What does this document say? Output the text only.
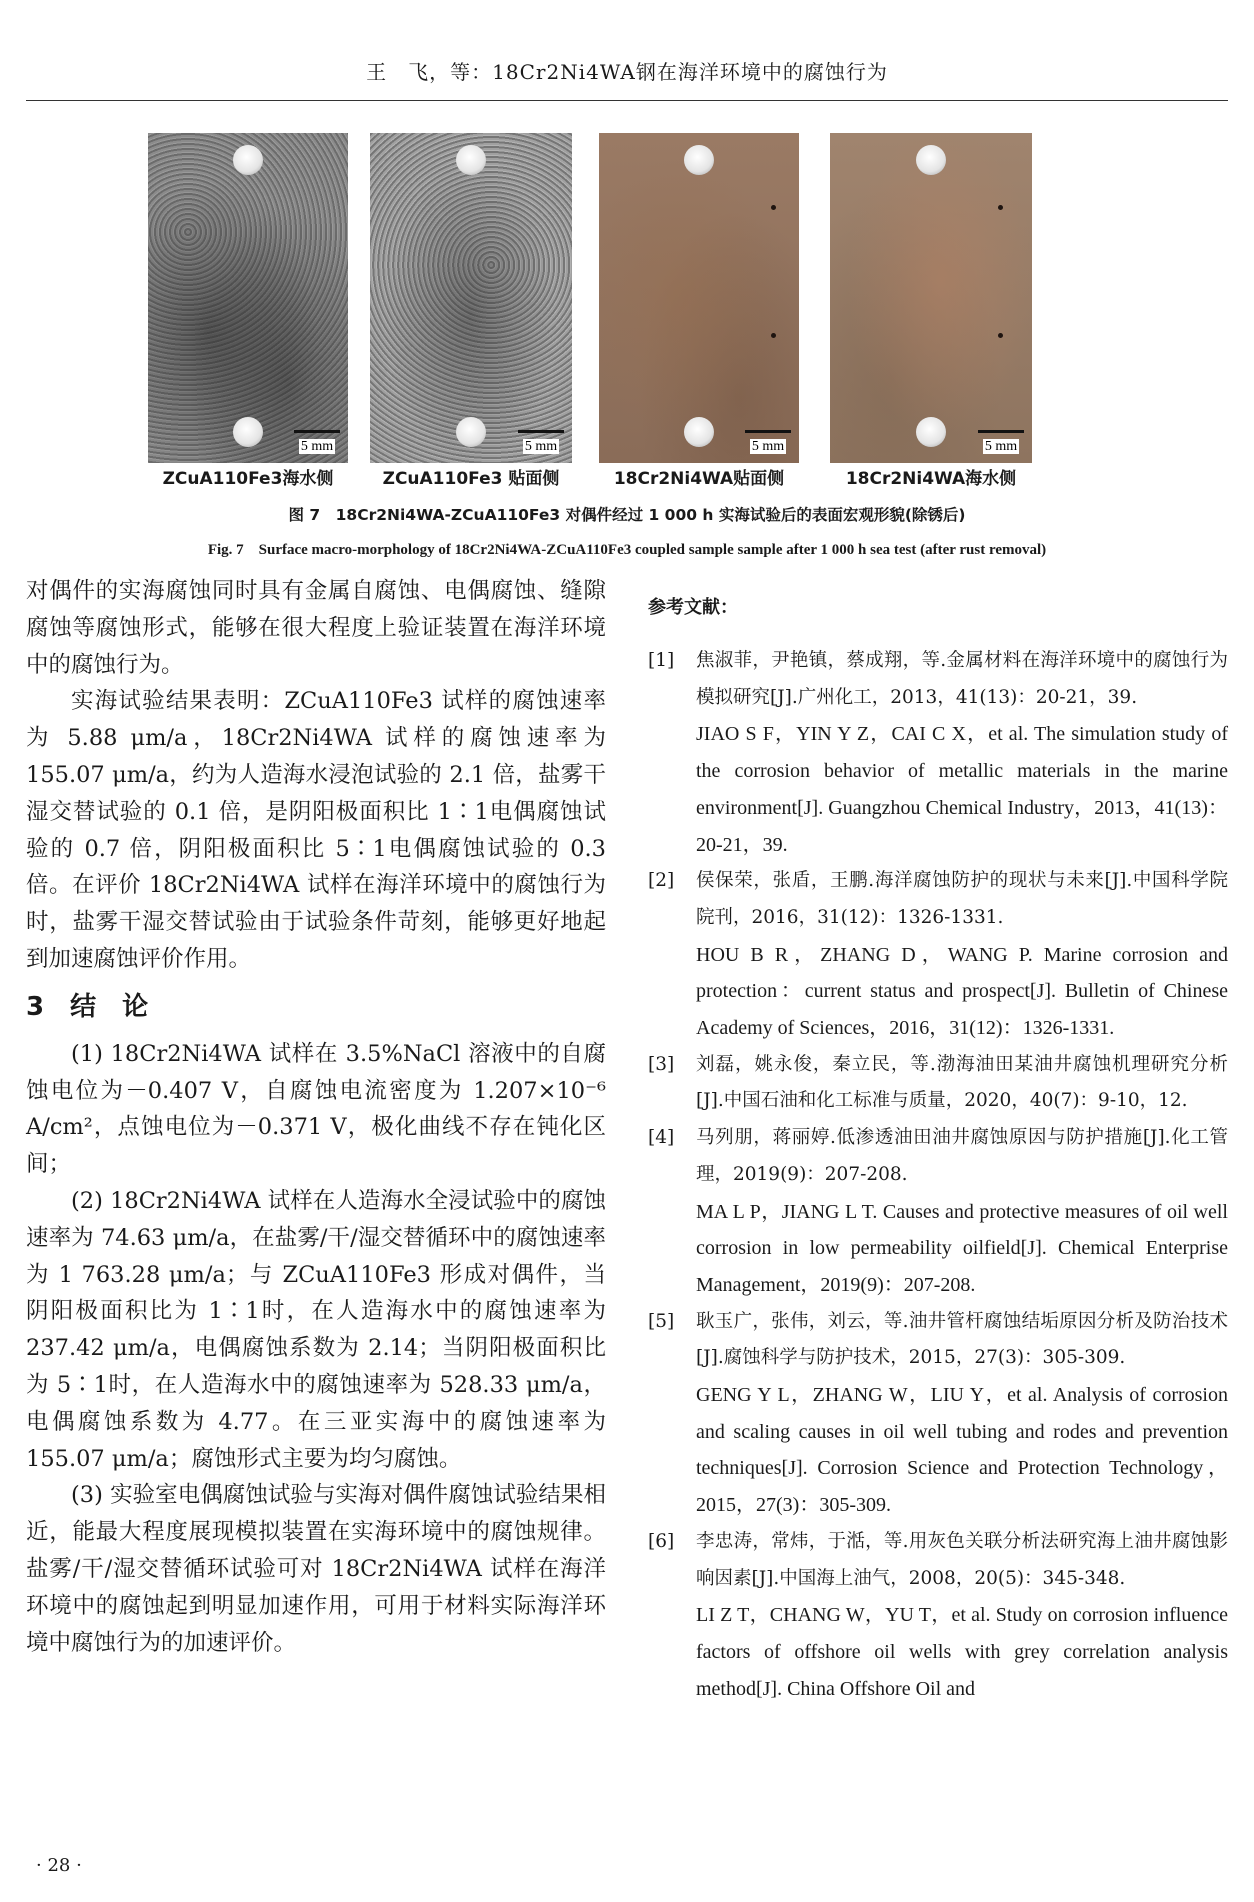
王　飞，等：18Cr2Ni4WA钢在海洋环境中的腐蚀行为
5 mm	5 mm	5 mm	5 mm
ZCuA110Fe3海水侧	ZCuA110Fe3 贴面侧	18Cr2Ni4WA贴面侧	18Cr2Ni4WA海水侧
图 7　18Cr2Ni4WA-ZCuA110Fe3 对偶件经过 1 000 h 实海试验后的表面宏观形貌(除锈后)
Fig. 7　Surface macro-morphology of 18Cr2Ni4WA-ZCuA110Fe3 coupled sample sample after 1 000 h sea test (after rust removal)

对偶件的实海腐蚀同时具有金属自腐蚀、电偶腐蚀、缝隙腐蚀等腐蚀形式，能够在很大程度上验证装置在海洋环境中的腐蚀行为。

实海试验结果表明：ZCuA110Fe3 试样的腐蚀速率为 5.88 μm/a，18Cr2Ni4WA 试样的腐蚀速率为 155.07 μm/a，约为人造海水浸泡试验的 2.1 倍，盐雾干湿交替试验的 0.1 倍，是阴阳极面积比 1∶1电偶腐蚀试验的 0.7 倍，阴阳极面积比 5∶1电偶腐蚀试验的 0.3 倍。在评价 18Cr2Ni4WA 试样在海洋环境中的腐蚀行为时，盐雾干湿交替试验由于试验条件苛刻，能够更好地起到加速腐蚀评价作用。

3　结　论

(1) 18Cr2Ni4WA 试样在 3.5%NaCl 溶液中的自腐蚀电位为－0.407 V，自腐蚀电流密度为 1.207×10⁻⁶ A/cm²，点蚀电位为－0.371 V，极化曲线不存在钝化区间；

(2) 18Cr2Ni4WA 试样在人造海水全浸试验中的腐蚀速率为 74.63 μm/a，在盐雾/干/湿交替循环中的腐蚀速率为 1 763.28 μm/a；与 ZCuA110Fe3 形成对偶件，当阴阳极面积比为 1∶1时，在人造海水中的腐蚀速率为 237.42 μm/a，电偶腐蚀系数为 2.14；当阴阳极面积比为 5∶1时，在人造海水中的腐蚀速率为 528.33 μm/a，电偶腐蚀系数为 4.77。在三亚实海中的腐蚀速率为 155.07 μm/a；腐蚀形式主要为均匀腐蚀。

(3) 实验室电偶腐蚀试验与实海对偶件腐蚀试验结果相近，能最大程度展现模拟装置在实海环境中的腐蚀规律。盐雾/干/湿交替循环试验可对 18Cr2Ni4WA 试样在海洋环境中的腐蚀起到明显加速作用，可用于材料实际海洋环境中腐蚀行为的加速评价。

参考文献：
[1] 焦淑菲，尹艳镇，蔡成翔，等.金属材料在海洋环境中的腐蚀行为模拟研究[J].广州化工，2013，41(13)：20-21，39.
JIAO S F，YIN Y Z，CAI C X，et al. The simulation study of the corrosion behavior of metallic materials in the marine environment[J]. Guangzhou Chemical Industry，2013，41(13)：20-21，39.
[2] 侯保荣，张盾，王鹏.海洋腐蚀防护的现状与未来[J].中国科学院院刊，2016，31(12)：1326-1331.
HOU B R，ZHANG D，WANG P. Marine corrosion and protection：current status and prospect[J]. Bulletin of Chinese Academy of Sciences，2016，31(12)：1326-1331.
[3] 刘磊，姚永俊，秦立民，等.渤海油田某油井腐蚀机理研究分析[J].中国石油和化工标准与质量，2020，40(7)：9-10，12.
[4] 马列朋，蒋丽婷.低渗透油田油井腐蚀原因与防护措施[J].化工管理，2019(9)：207-208.
MA L P，JIANG L T. Causes and protective measures of oil well corrosion in low permeability oilfield[J]. Chemical Enterprise Management，2019(9)：207-208.
[5] 耿玉广，张伟，刘云，等.油井管杆腐蚀结垢原因分析及防治技术[J].腐蚀科学与防护技术，2015，27(3)：305-309.
GENG Y L，ZHANG W，LIU Y，et al. Analysis of corrosion and scaling causes in oil well tubing and rodes and prevention techniques[J]. Corrosion Science and Protection Technology，2015，27(3)：305-309.
[6] 李忠涛，常炜，于湉，等.用灰色关联分析法研究海上油井腐蚀影响因素[J].中国海上油气，2008，20(5)：345-348.
LI Z T，CHANG W，YU T，et al. Study on corrosion influence factors of offshore oil wells with grey correlation analysis method[J]. China Offshore Oil and
· 28 ·
